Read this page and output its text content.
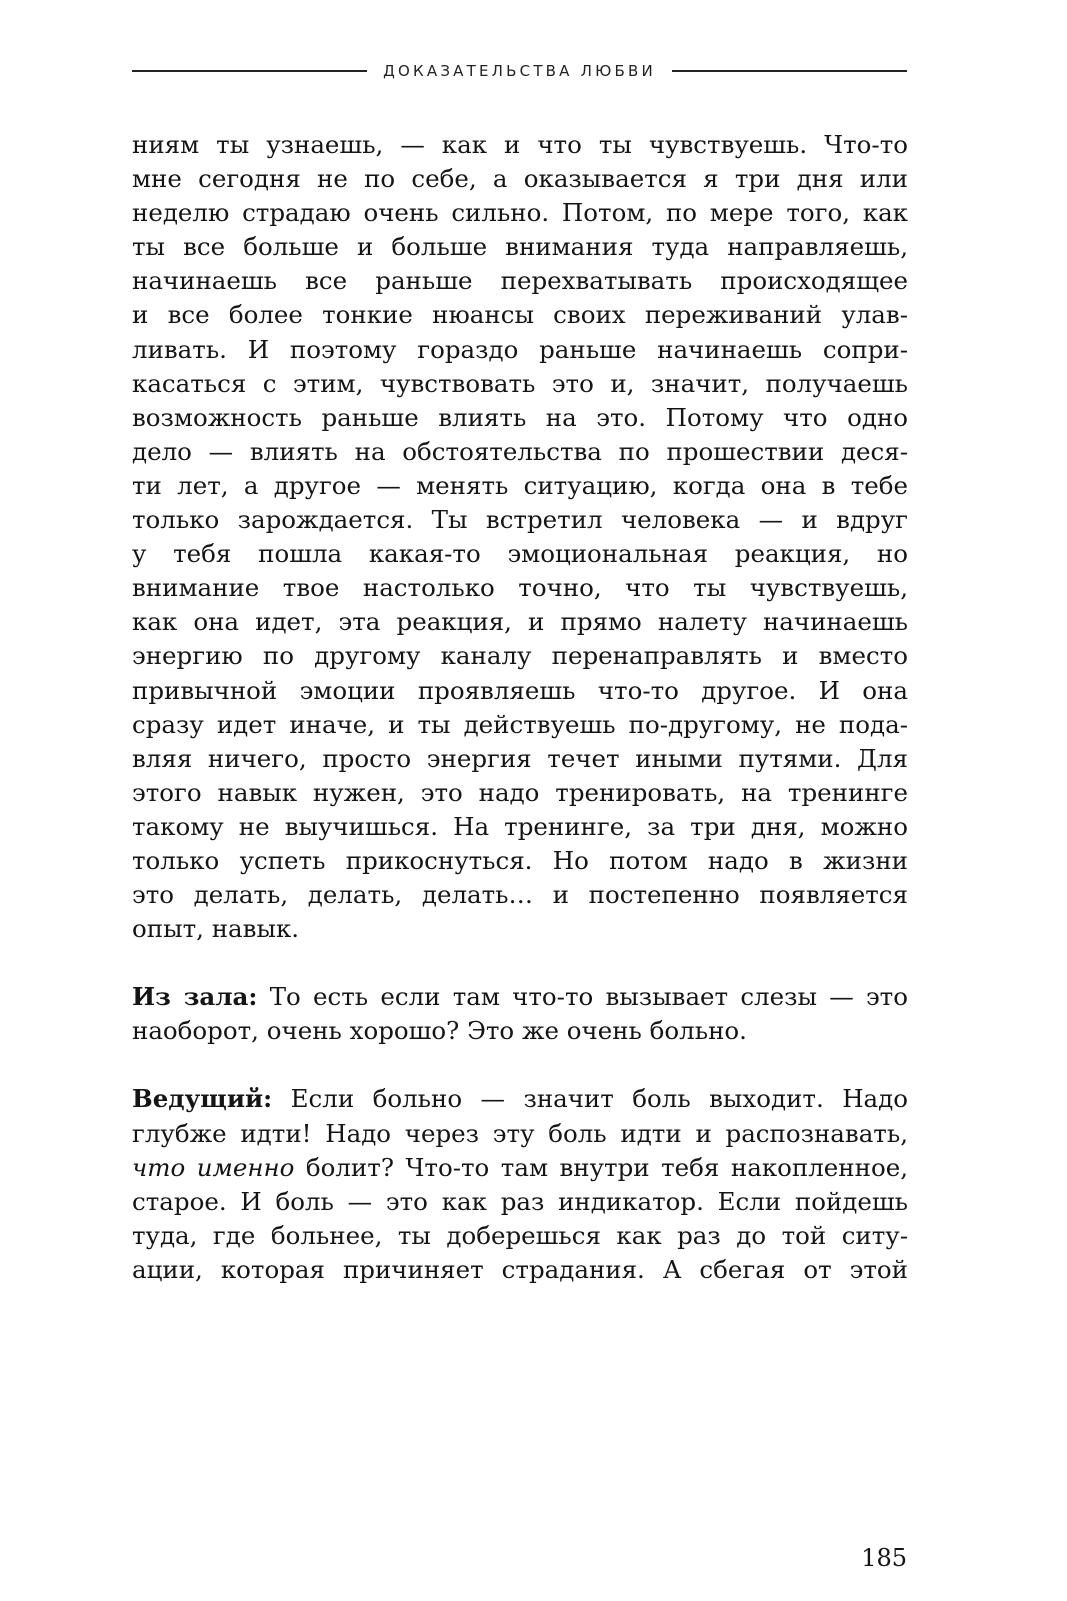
ДОКАЗАТЕЛЬСТВА ЛЮБВИ
ниям ты узнаешь, — как и что ты чувствуешь. Что-то
мне сегодня не по себе, а оказывается я три дня или
неделю страдаю очень сильно. Потом, по мере того, как
ты все больше и больше внимания туда направляешь,
начинаешь все раньше перехватывать происходящее
и все более тонкие нюансы своих переживаний улав-
ливать. И поэтому гораздо раньше начинаешь сопри-
касаться с этим, чувствовать это и, значит, получаешь
возможность раньше влиять на это. Потому что одно
дело — влиять на обстоятельства по прошествии деся-
ти лет, а другое — менять ситуацию, когда она в тебе
только зарождается. Ты встретил человека — и вдруг
у тебя пошла какая-то эмоциональная реакция, но
внимание твое настолько точно, что ты чувствуешь,
как она идет, эта реакция, и прямо налету начинаешь
энергию по другому каналу перенаправлять и вместо
привычной эмоции проявляешь что-то другое. И она
сразу идет иначе, и ты действуешь по-другому, не пода-
вляя ничего, просто энергия течет иными путями. Для
этого навык нужен, это надо тренировать, на тренинге
такому не выучишься. На тренинге, за три дня, можно
только успеть прикоснуться. Но потом надо в жизни
это делать, делать, делать… и постепенно появляется
опыт, навык.
Из зала: То есть если там что-то вызывает слезы — это
наоборот, очень хорошо? Это же очень больно.
Ведущий: Если больно — значит боль выходит. Надо
глубже идти! Надо через эту боль идти и распознавать,
что именно болит? Что-то там внутри тебя накопленное,
старое. И боль — это как раз индикатор. Если пойдешь
туда, где больнее, ты доберешься как раз до той ситу-
ации, которая причиняет страдания. А сбегая от этой
185
